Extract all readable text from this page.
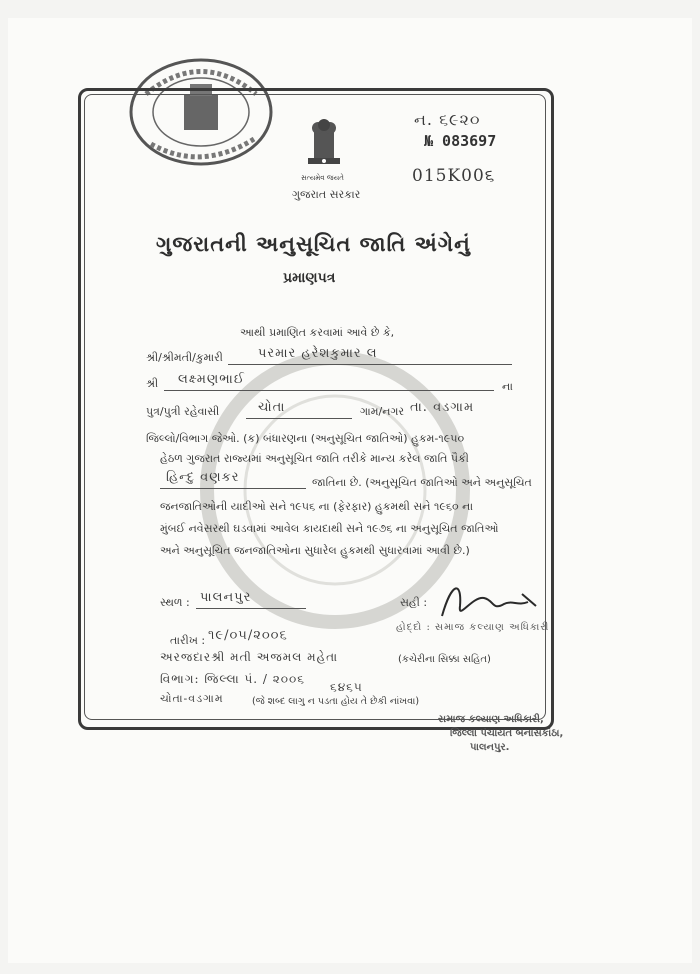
સત્યમેવ જયતે
ગુજરાત સરકાર
ન. ૬૯૨૦
№ 083697
015K00૬
ગુજરાતની અનુસૂચિત જાતિ અંગેનું
પ્રમાણપત્ર
આથી પ્રમાણિત કરવામાં આવે છે કે,
શ્રી/શ્રીમતી/કુમારી	પરમાર હરેશકુમાર લ
શ્રી લક્ષ્મણભાઈ	ના
પુત્ર/પુત્રી રહેવાસી	ચોતા	ગામ/નગર તા. વડગામ
જિલ્લો/વિભાગ જેઓ. (ક) બંધારણના (અનુસૂચિત જાતિઓ) હુકમ-૧૯૫૦
હેઠળ ગુજરાત રાજ્યમાં અનુસૂચિત જાતિ તરીકે માન્ય કરેલ જાતિ પૈકી
હિન્દુ વણકર	જાતિના છે. (અનુસૂચિત જાતિઓ અને અનુસૂચિત
જનજાતિઓની યાદીઓ સને ૧૯૫૬ ના (ફેરફાર) હુકમથી સને ૧૯૬૦ ના
મુંબઈ નવેસરથી ઘડવામાં આવેલ કાયદાથી સને ૧૯૭૬ ના અનુસૂચિત જાતિઓ
અને અનુસૂચિત જનજાતિઓના સુધારેલ હુકમથી સુધારવામાં આવી છે.)
સ્થળ : પાલનપુર	સહી :
હોદ્દો : સમાજ કલ્યાણ અધિકારી
તારીખ : ૧૯/૦૫/૨૦૦૬
અરજદારશ્રી મતી અજમલ મહેતા	(કચેરીના સિક્કા સહિત)
વિભાગ: જિલ્લા પં. / ૨૦૦૬
૬૪૬૫
ચોતા-વડગામ	(જે શબ્દ લાગુ ન પડતા હોય તે છેકી નાંખવા)
સમાજ કલ્યાણ અધિકારી,
જિલ્લા પંચાયત બનાસકાંઠા,
પાલનપુર.
